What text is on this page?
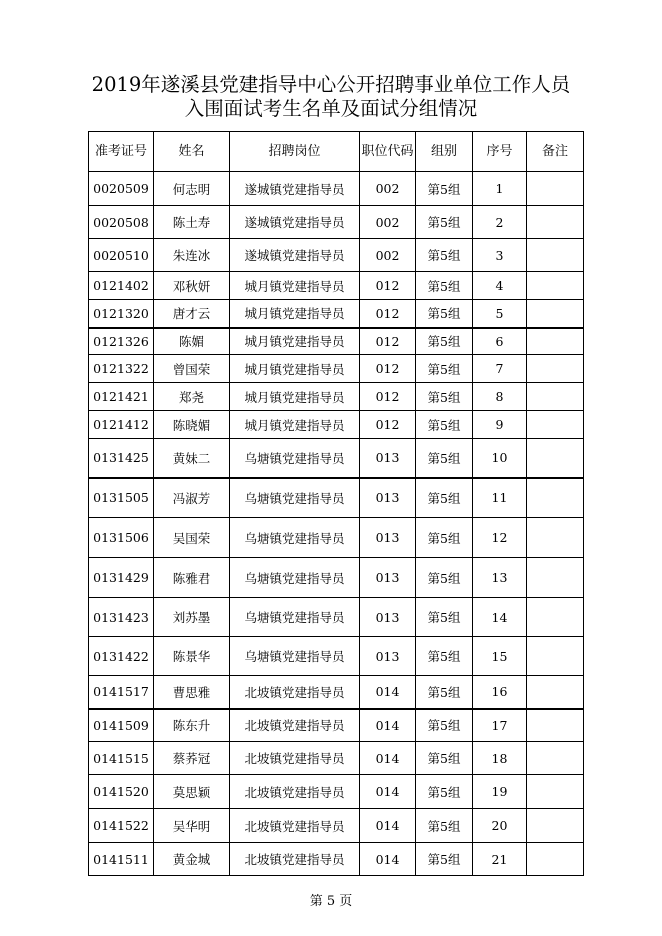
2019年遂溪县党建指导中心公开招聘事业单位工作人员
入围面试考生名单及面试分组情况
准考证号	姓名	招聘岗位	职位代码	组别	序号	备注
0020509	何志明	遂城镇党建指导员	002	第5组	1	
0020508	陈土寿	遂城镇党建指导员	002	第5组	2	
0020510	朱连冰	遂城镇党建指导员	002	第5组	3	
0121402	邓秋妍	城月镇党建指导员	012	第5组	4	
0121320	唐才云	城月镇党建指导员	012	第5组	5	
0121326	陈媚	城月镇党建指导员	012	第5组	6	
0121322	曾国荣	城月镇党建指导员	012	第5组	7	
0121421	郑尧	城月镇党建指导员	012	第5组	8	
0121412	陈晓媚	城月镇党建指导员	012	第5组	9	
0131425	黄妹二	乌塘镇党建指导员	013	第5组	10	
0131505	冯淑芳	乌塘镇党建指导员	013	第5组	11	
0131506	吴国荣	乌塘镇党建指导员	013	第5组	12	
0131429	陈雅君	乌塘镇党建指导员	013	第5组	13	
0131423	刘苏墨	乌塘镇党建指导员	013	第5组	14	
0131422	陈景华	乌塘镇党建指导员	013	第5组	15	
0141517	曹思雅	北坡镇党建指导员	014	第5组	16	
0141509	陈东升	北坡镇党建指导员	014	第5组	17	
0141515	蔡荞冠	北坡镇党建指导员	014	第5组	18	
0141520	莫思颖	北坡镇党建指导员	014	第5组	19	
0141522	吴华明	北坡镇党建指导员	014	第5组	20	
0141511	黄金城	北坡镇党建指导员	014	第5组	21	
第 5 页
